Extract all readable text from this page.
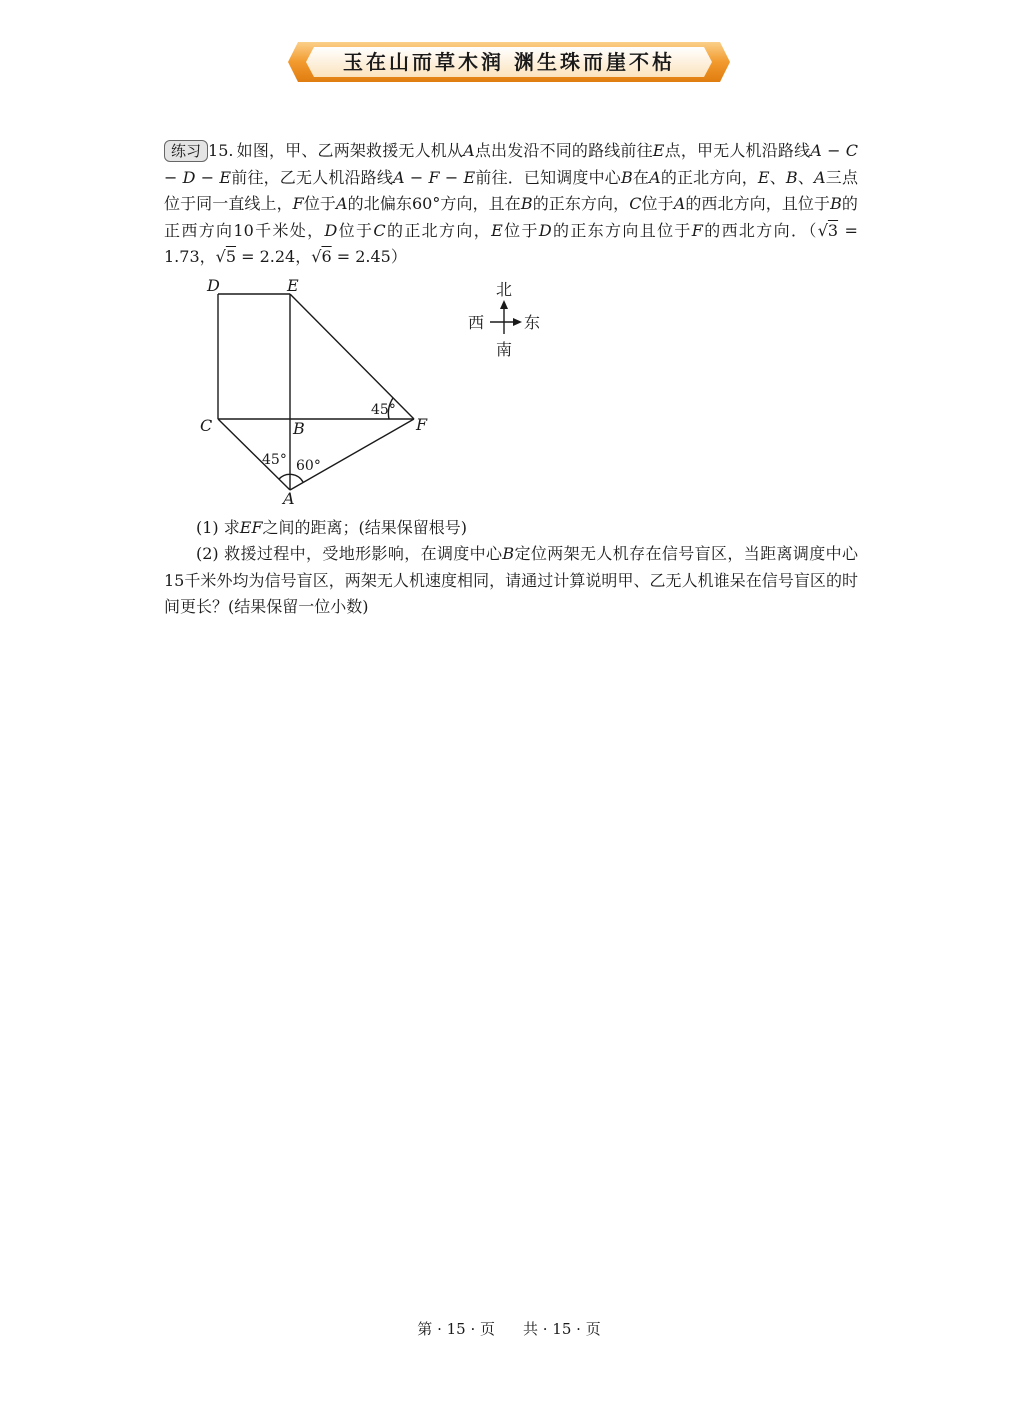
玉在山而草木润 渊生珠而崖不枯
练习 15. 如图，甲、乙两架救援无人机从A点出发沿不同的路线前往E点，甲无人机沿路线A − C − D − E前往，乙无人机沿路线A − F − E前往．已知调度中心B在A的正北方向，E、B、A三点位于同一直线上，F位于A的北偏东60°方向，且在B的正东方向，C位于A的西北方向，且位于B的正西方向10千米处，D位于C的正北方向，E位于D的正东方向且位于F的西北方向．（√3 = 1.73，√5 = 2.24，√6 = 2.45）
D	E
C	B	F
A
45°
45° 60°
北
南
东
西
(1) 求EF之间的距离；(结果保留根号)
(2) 救援过程中，受地形影响，在调度中心B定位两架无人机存在信号盲区，当距离调度中心15千米外均为信号盲区，两架无人机速度相同，请通过计算说明甲、乙无人机谁呆在信号盲区的时间更长？(结果保留一位小数)
第 · 15 · 页 共 · 15 · 页
